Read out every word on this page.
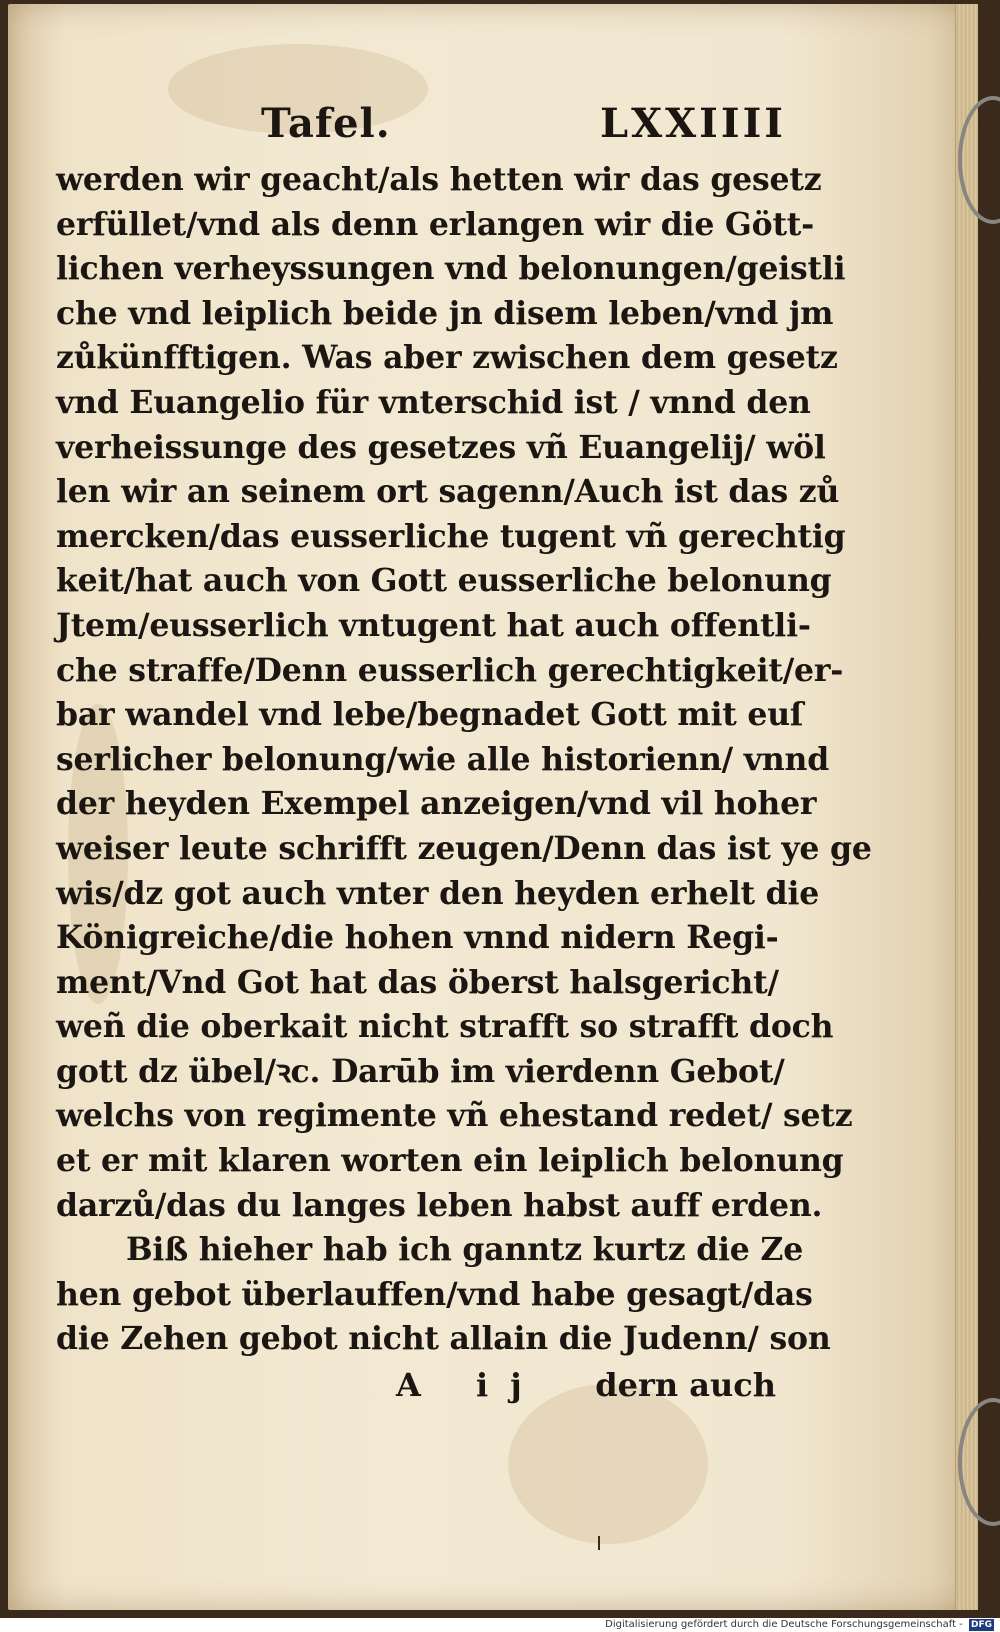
Tafel.	LXXIIII
werden wir geacht/als hetten wir das gesetz
erfüllet/vnd als denn erlangen wir die Gött-
lichen verheyssungen vnd belonungen/geistli
che vnd leiplich beide jn disem leben/vnd jm
zůkünfftigen. Was aber zwischen dem gesetz
vnd Euangelio für vnterschid ist / vnnd den
verheissunge des gesetzes vñ Euangelij/ wöl
len wir an seinem ort sagenn/Auch ist das zů
mercken/das eusserliche tugent vñ gerechtig
keit/hat auch von Gott eusserliche belonung
Jtem/eusserlich vntugent hat auch offentli-
che straffe/Denn eusserlich gerechtigkeit/er-
bar wandel vnd lebe/begnadet Gott mit euſ
serlicher belonung/wie alle historienn/ vnnd
der heyden Exempel anzeigen/vnd vil hoher
weiser leute schrifft zeugen/Denn das ist ye ge
wis/dz got auch vnter den heyden erhelt die
Königreiche/die hohen vnnd nidern Regi-
ment/Vnd Got hat das öberst halsgericht/
weñ die oberkait nicht strafft so strafft doch
gott dz übel/ꝛc. Darūb im vierdenn Gebot/
welchs von regimente vñ ehestand redet/ setz
et er mit klaren worten ein leiplich belonung
darzů/das du langes leben habst auff erden.
Biß hieher hab ich ganntz kurtz die Ze
hen gebot überlauffen/vnd habe gesagt/das
die Zehen gebot nicht allain die Judenn/ son
A ij dern auch
Digitalisierung gefördert durch die Deutsche Forschungsgemeinschaft - DFG
